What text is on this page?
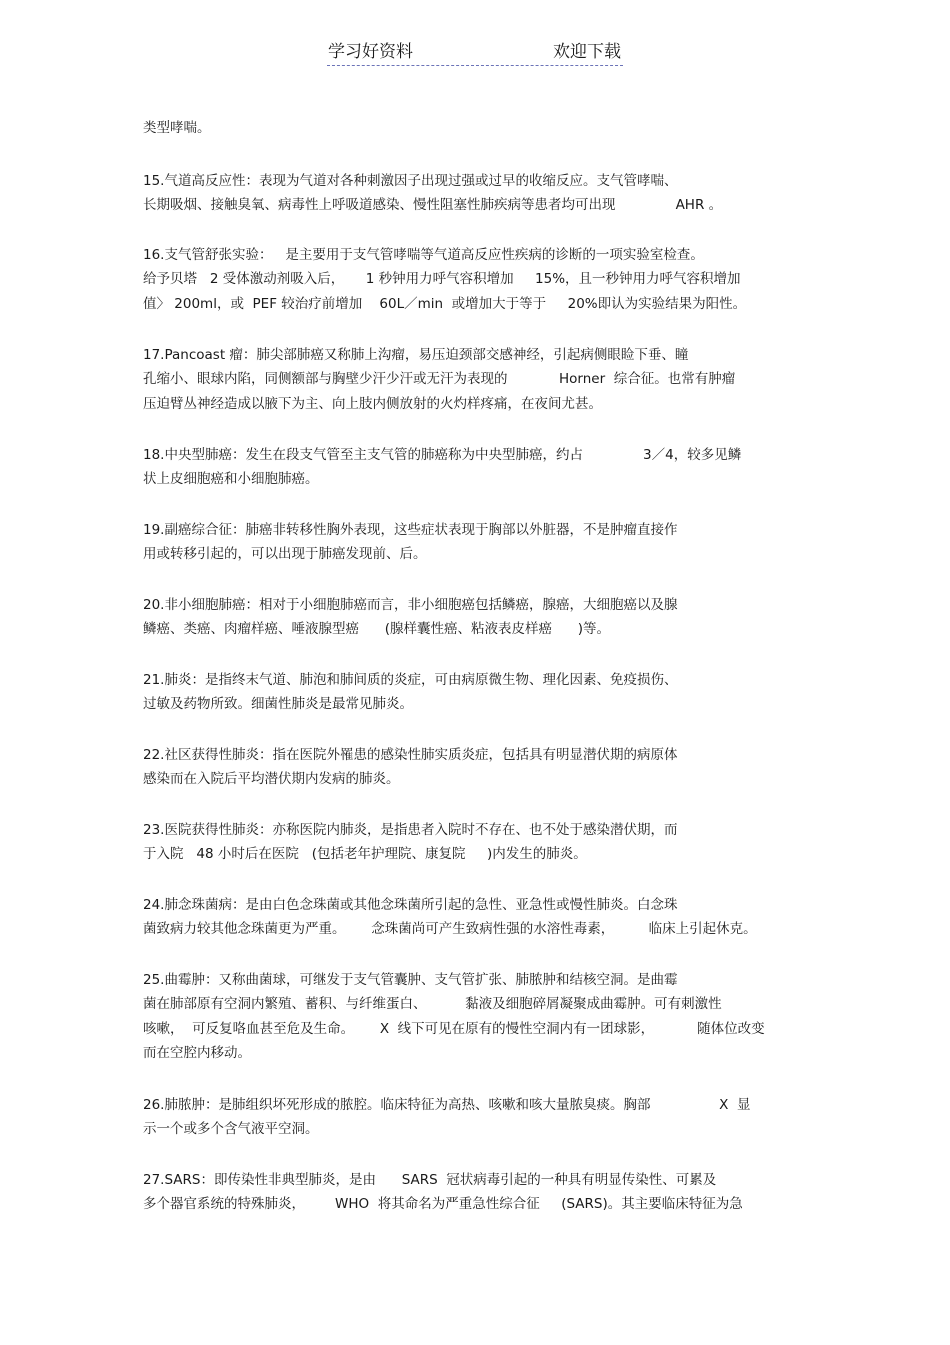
学习好资料	欢迎下载
类型哮喘。
15.气道高反应性：表现为气道对各种刺激因子出现过强或过早的收缩反应。支气管哮喘、
长期吸烟、接触臭氧、病毒性上呼吸道感染、慢性阻塞性肺疾病等患者均可出现              AHR 。
16.支气管舒张实验：   是主要用于支气管哮喘等气道高反应性疾病的诊断的一项实验室检查。
给予贝塔   2 受体激动剂吸入后，     1 秒钟用力呼气容积增加     15%，且一秒钟用力呼气容积增加
值〉 200ml，或  PEF 较治疗前增加    60L／min  或增加大于等于     20%即认为实验结果为阳性。
17.Pancoast 瘤：肺尖部肺癌又称肺上沟瘤，易压迫颈部交感神经，引起病侧眼睑下垂、瞳
孔缩小、眼球内陷，同侧额部与胸壁少汗少汗或无汗为表现的            Horner  综合征。也常有肿瘤
压迫臂丛神经造成以腋下为主、向上肢内侧放射的火灼样疼痛，在夜间尤甚。
18.中央型肺癌：发生在段支气管至主支气管的肺癌称为中央型肺癌，约占              3／4，较多见鳞
状上皮细胞癌和小细胞肺癌。
19.副癌综合征：肺癌非转移性胸外表现，这些症状表现于胸部以外脏器，不是肿瘤直接作
用或转移引起的，可以出现于肺癌发现前、后。
20.非小细胞肺癌：相对于小细胞肺癌而言，非小细胞癌包括鳞癌，腺癌，大细胞癌以及腺
鳞癌、类癌、肉瘤样癌、唾液腺型癌      (腺样囊性癌、粘液表皮样癌      )等。
21.肺炎：是指终末气道、肺泡和肺间质的炎症，可由病原微生物、理化因素、免疫损伤、
过敏及药物所致。细菌性肺炎是最常见肺炎。
22.社区获得性肺炎：指在医院外罹患的感染性肺实质炎症，包括具有明显潜伏期的病原体
感染而在入院后平均潜伏期内发病的肺炎。
23.医院获得性肺炎：亦称医院内肺炎，是指患者入院时不存在、也不处于感染潜伏期，而
于入院   48 小时后在医院   (包括老年护理院、康复院     )内发生的肺炎。
24.肺念珠菌病：是由白色念珠菌或其他念珠菌所引起的急性、亚急性或慢性肺炎。白念珠
菌致病力较其他念珠菌更为严重。      念珠菌尚可产生致病性强的水溶性毒素，        临床上引起休克。
25.曲霉肿：又称曲菌球，可继发于支气管囊肿、支气管扩张、肺脓肿和结核空洞。是曲霉
菌在肺部原有空洞内繁殖、蓄积、与纤维蛋白、         黏液及细胞碎屑凝聚成曲霉肿。可有刺激性
咳嗽，  可反复咯血甚至危及生命。      X  线下可见在原有的慢性空洞内有一团球影，          随体位改变
而在空腔内移动。
26.肺脓肿：是肺组织坏死形成的脓腔。临床特征为高热、咳嗽和咳大量脓臭痰。胸部                X  显
示一个或多个含气液平空洞。
27.SARS：即传染性非典型肺炎，是由      SARS  冠状病毒引起的一种具有明显传染性、可累及
多个器官系统的特殊肺炎，       WHO  将其命名为严重急性综合征     (SARS)。其主要临床特征为急
